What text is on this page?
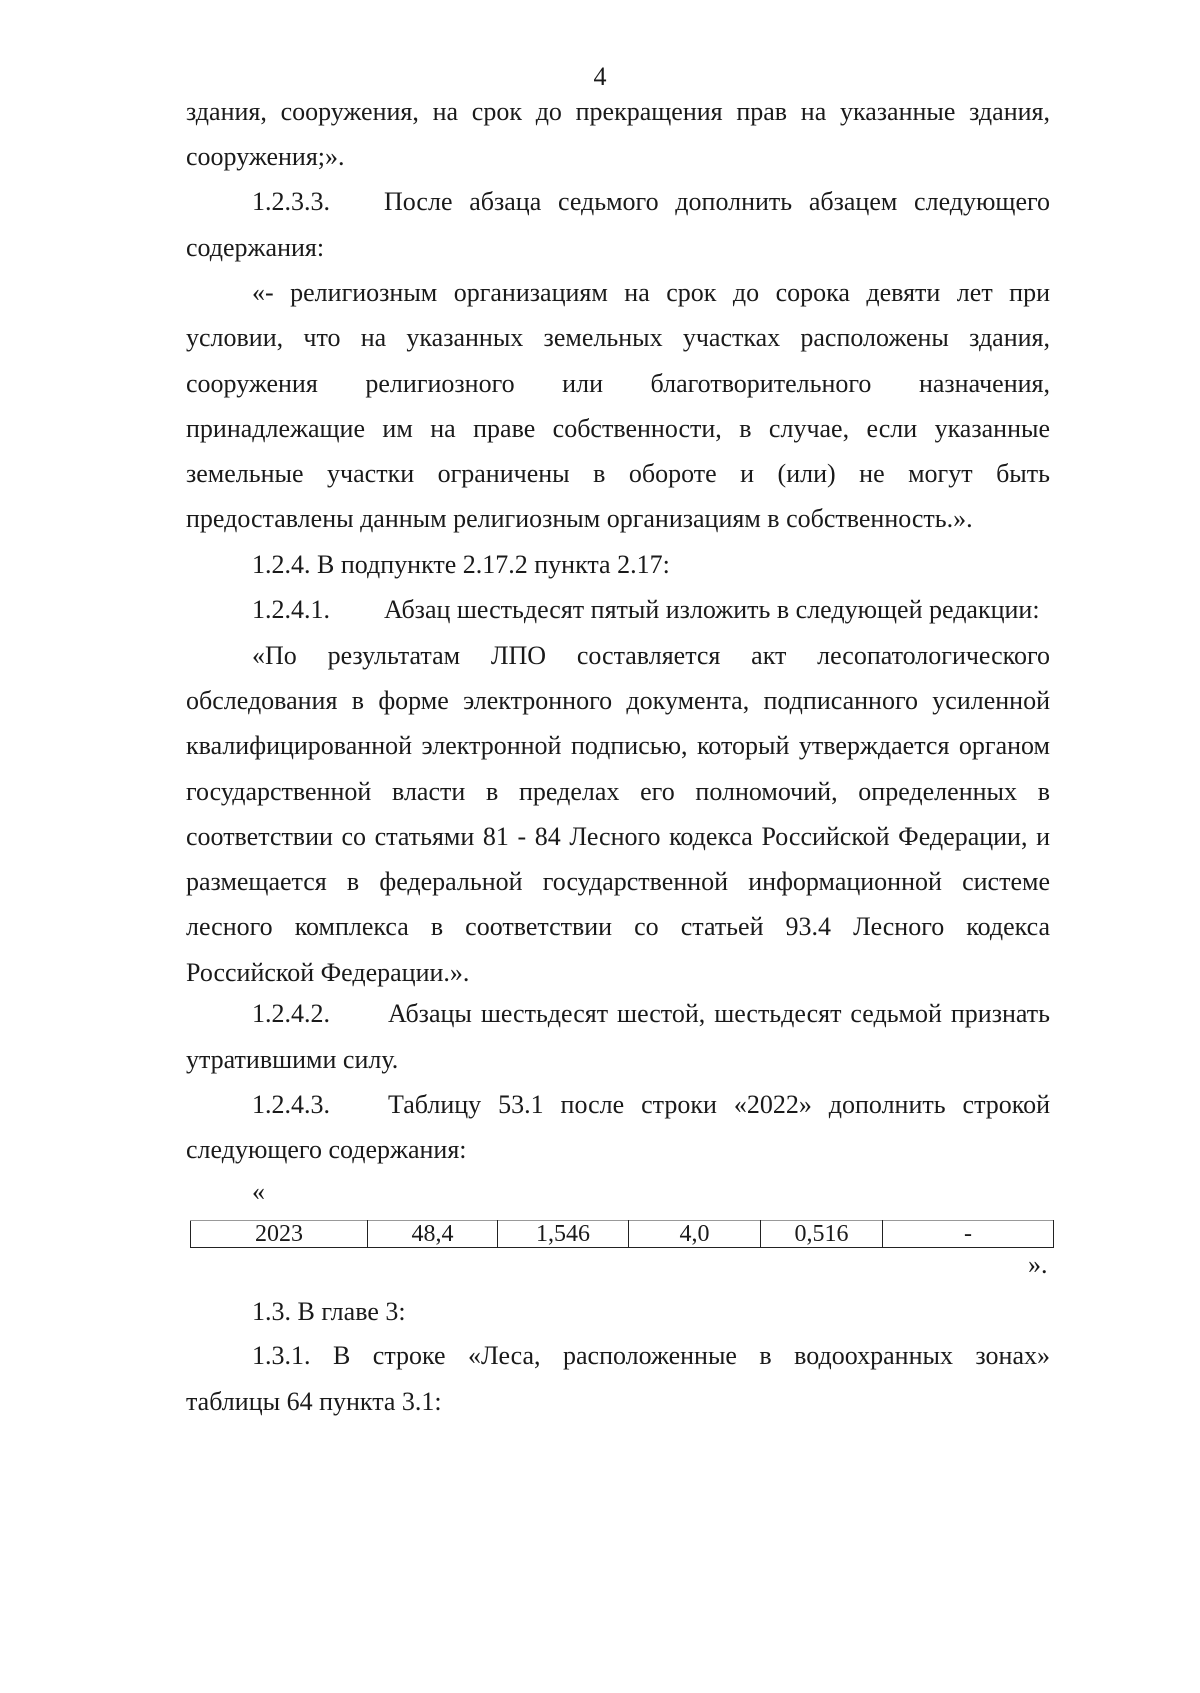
4

здания, сооружения, на срок до прекращения прав на указанные здания,

сооружения;».

1.2.3.3. После абзаца седьмого дополнить абзацем следующего

содержания:

«- религиозным организациям на срок до сорока девяти лет при

условии, что на указанных земельных участках расположены здания,

сооружения религиозного или благотворительного назначения,

принадлежащие им на праве собственности, в случае, если указанные

земельные участки ограничены в обороте и (или) не могут быть

предоставлены данным религиозным организациям в собственность.».

1.2.4. В подпункте 2.17.2 пункта 2.17:

1.2.4.1. Абзац шестьдесят пятый изложить в следующей редакции:

«По результатам ЛПО составляется акт лесопатологического

обследования в форме электронного документа, подписанного усиленной

квалифицированной электронной подписью, который утверждается органом

государственной власти в пределах его полномочий, определенных в

соответствии со статьями 81 - 84 Лесного кодекса Российской Федерации, и

размещается в федеральной государственной информационной системе

лесного комплекса в соответствии со статьей 93.4 Лесного кодекса

Российской Федерации.».

1.2.4.2. Абзацы шестьдесят шестой, шестьдесят седьмой признать

утратившими силу.

1.2.4.3. Таблицу 53.1 после строки «2022» дополнить строкой

следующего содержания:

«
2023	48,4	1,546	4,0	0,516	-
».

1.3. В главе 3:

1.3.1. В строке «Леса, расположенные в водоохранных зонах»

таблицы 64 пункта 3.1:
